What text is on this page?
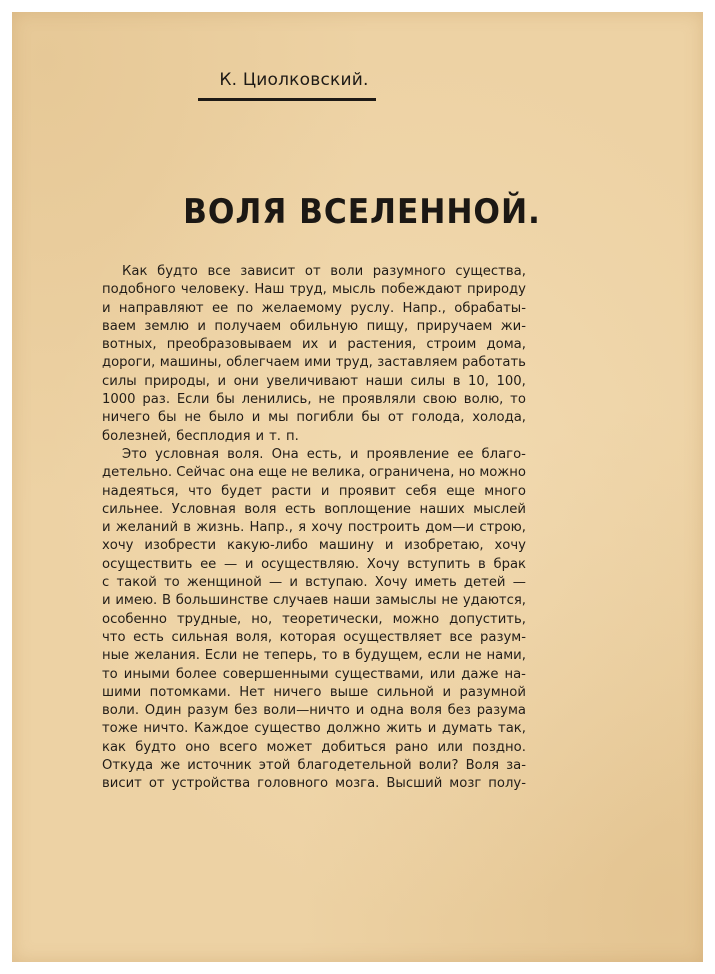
К. Циолковский.
ВОЛЯ ВСЕЛЕННОЙ.
Как будто все зависит от воли разумного существа,
подобного человеку. Наш труд, мысль побеждают природу
и направляют ее по желаемому руслу. Напр., обрабаты-
ваем землю и получаем обильную пищу, приручаем жи-
вотных, преобразовываем их и растения, строим дома,
дороги, машины, облегчаем ими труд, заставляем работать
силы природы, и они увеличивают наши силы в 10, 100,
1000 раз. Если бы ленились, не проявляли свою волю, то
ничего бы не было и мы погибли бы от голода, холода,
болезней, бесплодия и т. п.
Это условная воля. Она есть, и проявление ее благо-
детельно. Сейчас она еще не велика, ограничена, но можно
надеяться, что будет расти и проявит себя еще много
сильнее. Условная воля есть воплощение наших мыслей
и желаний в жизнь. Напр., я хочу построить дом—и строю,
хочу изобрести какую-либо машину и изобретаю, хочу
осуществить ее — и осуществляю. Хочу вступить в брак
с такой то женщиной — и вступаю. Хочу иметь детей —
и имею. В большинстве случаев наши замыслы не удаются,
особенно трудные, но, теоретически, можно допустить,
что есть сильная воля, которая осуществляет все разум-
ные желания. Если не теперь, то в будущем, если не нами,
то иными более совершенными существами, или даже на-
шими потомками. Нет ничего выше сильной и разумной
воли. Один разум без воли—ничто и одна воля без разума
тоже ничто. Каждое существо должно жить и думать так,
как будто оно всего может добиться рано или поздно.
Откуда же источник этой благодетельной воли? Воля за-
висит от устройства головного мозга. Высший мозг полу-
